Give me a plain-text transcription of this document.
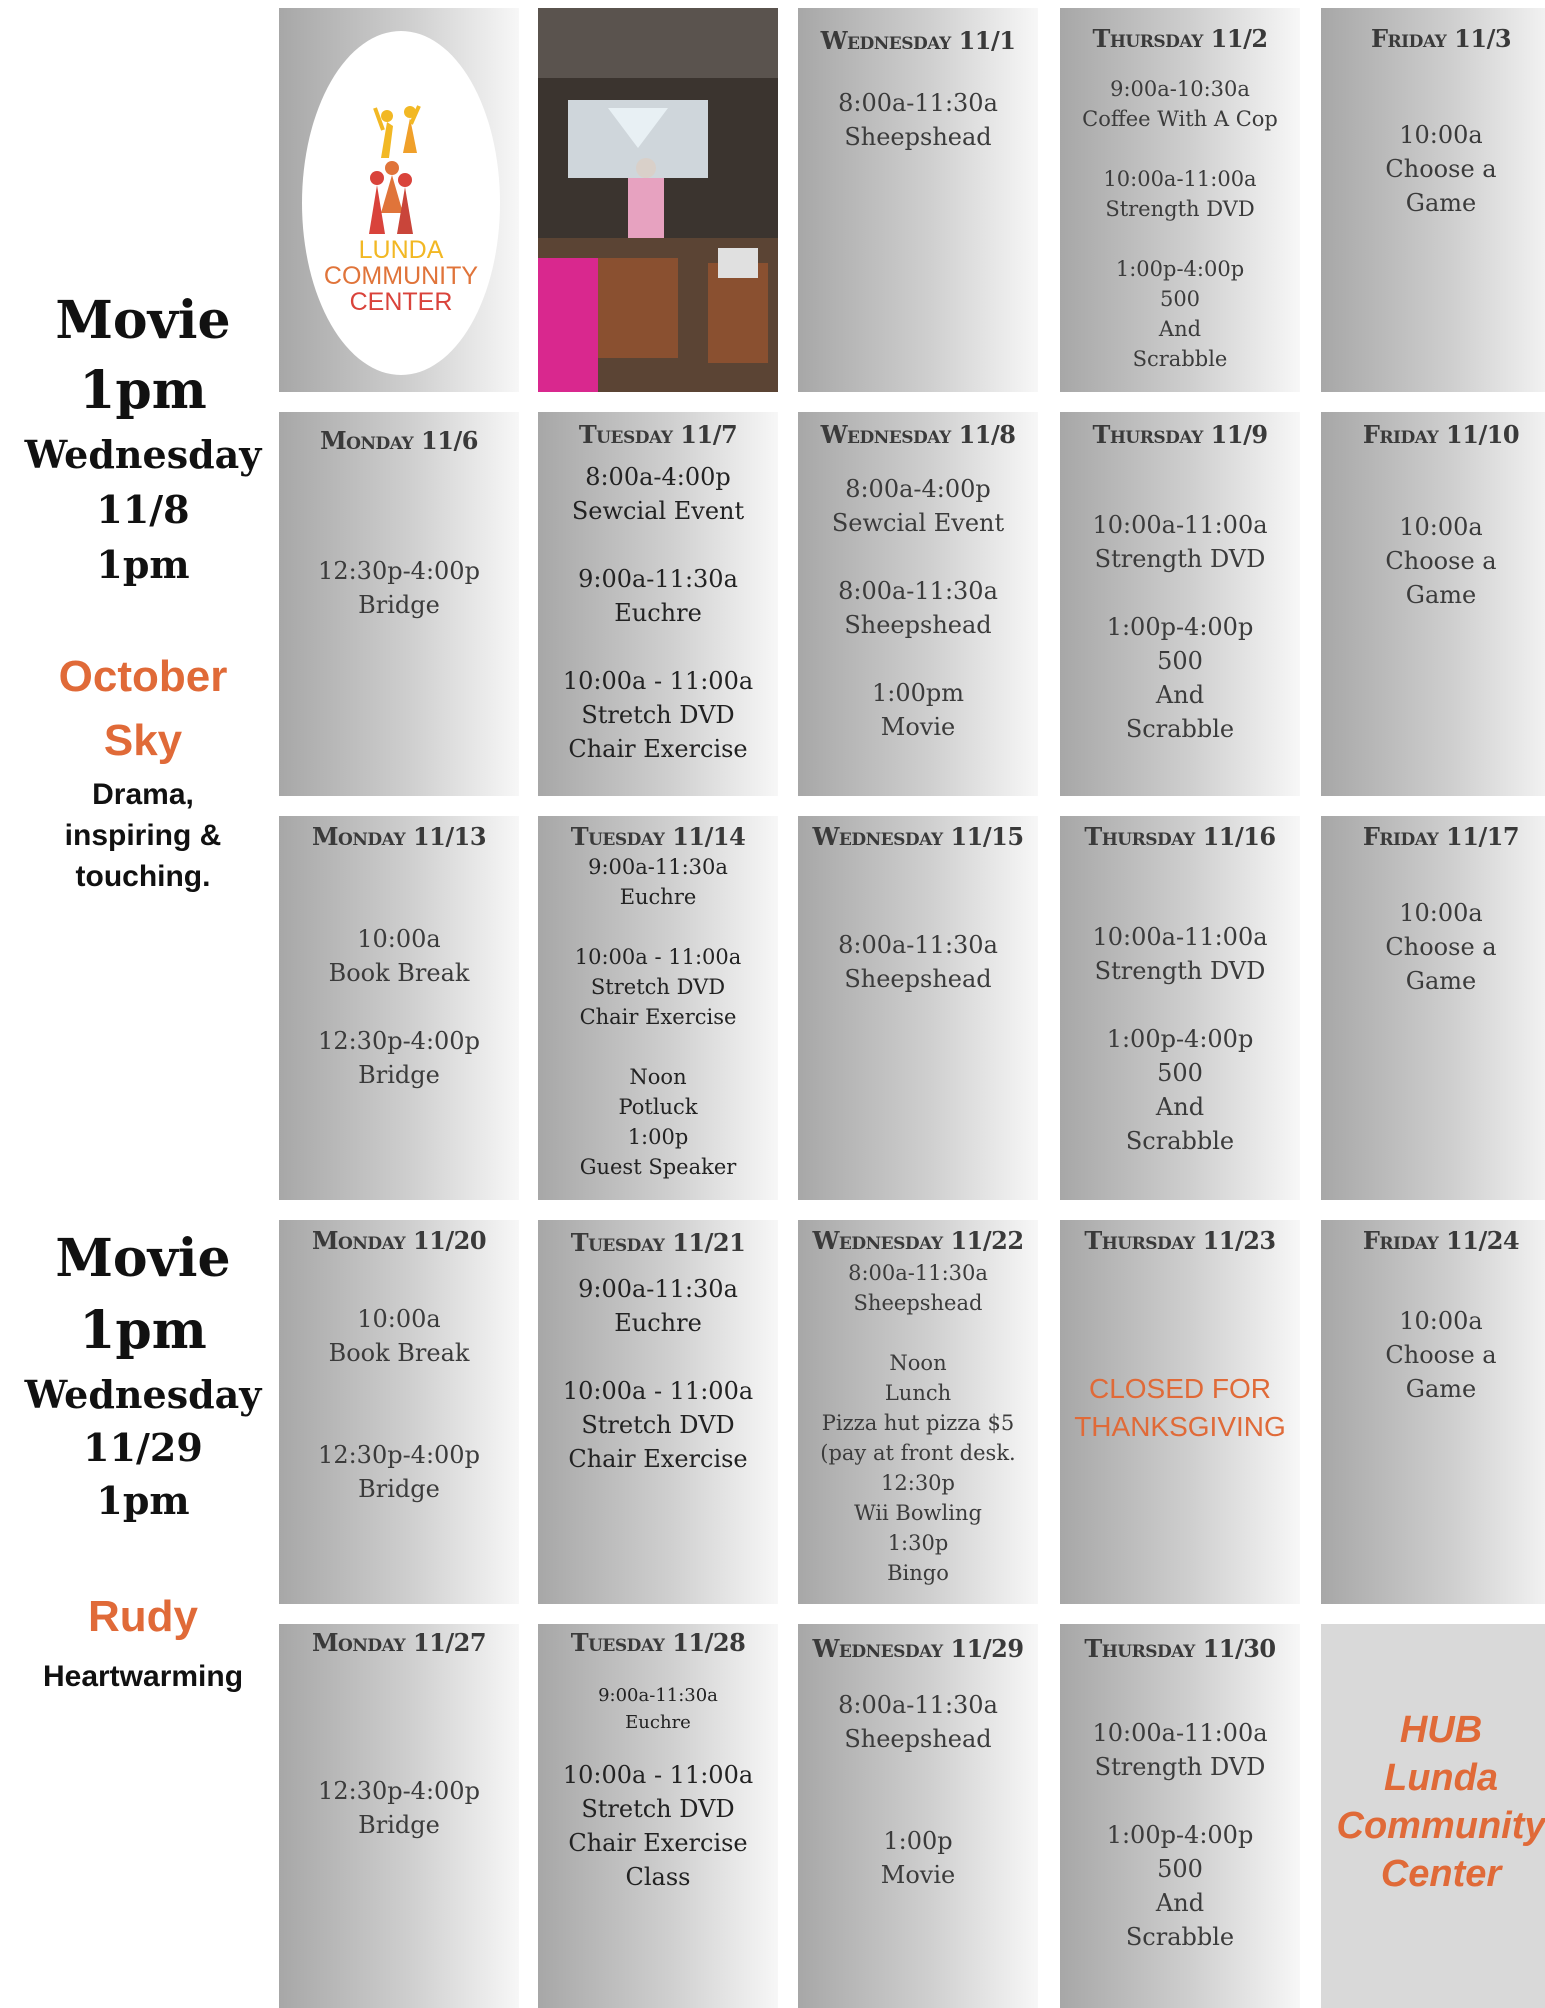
Movie
1pm
Wednesday
11/8
1pm
October
Sky
Drama,
inspiring &
touching.
Movie
1pm
Wednesday
11/29
1pm
Rudy
Heartwarming
LUNDA
COMMUNITY
CENTER
Wednesday 11/1
8:00a-11:30a
Sheepshead
Thursday 11/2
9:00a-10:30a
Coffee With A Cop
10:00a-11:00a
Strength DVD
1:00p-4:00p
500
And
Scrabble
Friday 11/3
10:00a
Choose a
Game
Monday 11/6
12:30p-4:00p
Bridge
Tuesday 11/7
8:00a-4:00p
Sewcial Event
9:00a-11:30a
Euchre
10:00a - 11:00a
Stretch DVD
Chair Exercise
Wednesday 11/8
8:00a-4:00p
Sewcial Event
8:00a-11:30a
Sheepshead
1:00pm
Movie
Thursday 11/9
10:00a-11:00a
Strength DVD
1:00p-4:00p
500
And
Scrabble
Friday 11/10
10:00a
Choose a
Game
Monday 11/13
10:00a
Book Break
12:30p-4:00p
Bridge
Tuesday 11/14
9:00a-11:30a
Euchre
10:00a - 11:00a
Stretch DVD
Chair Exercise
Noon
Potluck
1:00p
Guest Speaker
Wednesday 11/15
8:00a-11:30a
Sheepshead
Thursday 11/16
10:00a-11:00a
Strength DVD
1:00p-4:00p
500
And
Scrabble
Friday 11/17
10:00a
Choose a
Game
Monday 11/20
10:00a
Book Break
12:30p-4:00p
Bridge
Tuesday 11/21
9:00a-11:30a
Euchre
10:00a - 11:00a
Stretch DVD
Chair Exercise
Wednesday 11/22
8:00a-11:30a
Sheepshead
Noon
Lunch
Pizza hut pizza $5
(pay at front desk.
12:30p
Wii Bowling
1:30p
Bingo
Thursday 11/23
CLOSED FOR
THANKSGIVING
Friday 11/24
10:00a
Choose a
Game
Monday 11/27
12:30p-4:00p
Bridge
Tuesday 11/28
9:00a-11:30a
Euchre
10:00a - 11:00a
Stretch DVD
Chair Exercise
Class
Wednesday 11/29
8:00a-11:30a
Sheepshead
1:00p
Movie
Thursday 11/30
10:00a-11:00a
Strength DVD
1:00p-4:00p
500
And
Scrabble
HUB
Lunda
Community
Center
